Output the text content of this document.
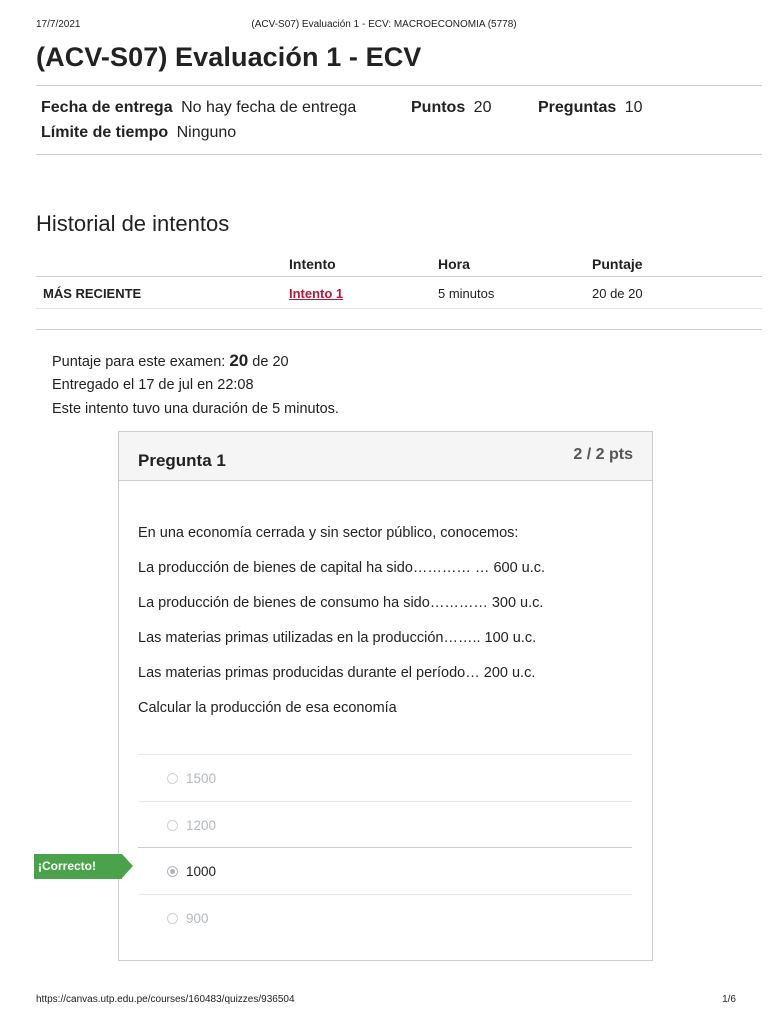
17/7/2021	(ACV-S07) Evaluación 1 - ECV: MACROECONOMIA (5778)
(ACV-S07) Evaluación 1 - ECV
Fecha de entrega No hay fecha de entrega	Puntos 20	Preguntas 10
Límite de tiempo Ninguno
Historial de intentos
Intento	Hora	Puntaje
MÁS RECIENTE	Intento 1	5 minutos	20 de 20
Puntaje para este examen: 20 de 20
Entregado el 17 de jul en 22:08
Este intento tuvo una duración de 5 minutos.
Pregunta 1	2 / 2 pts
En una economía cerrada y sin sector público, conocemos:
La producción de bienes de capital ha sido………… … 600 u.c.
La producción de bienes de consumo ha sido………… 300 u.c.
Las materias primas utilizadas en la producción…….. 100 u.c.
Las materias primas producidas durante el período… 200 u.c.
Calcular la producción de esa economía
1500
1200
1000
900
¡Correcto!
https://canvas.utp.edu.pe/courses/160483/quizzes/936504	1/6
